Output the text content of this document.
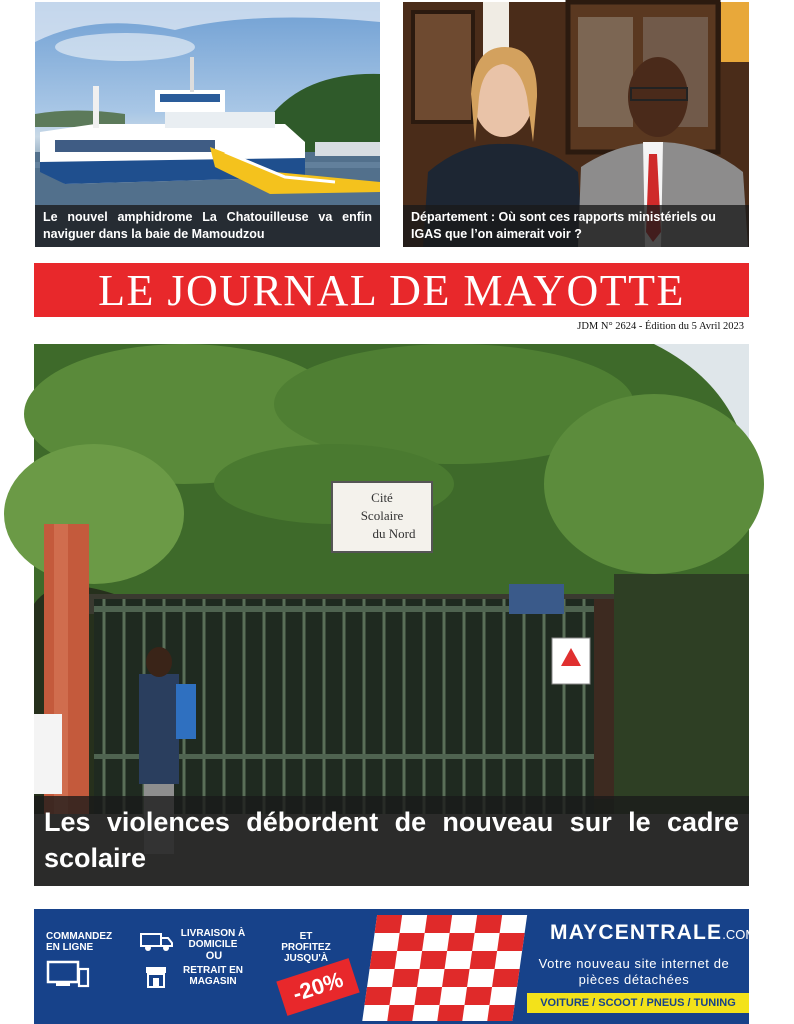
Le nouvel amphidrome La Chatouilleuse va enfin naviguer dans la baie de Mamoudzou
Département : Où sont ces rapports ministériels ou IGAS que l’on aimerait voir ?
LE JOURNAL DE MAYOTTE
JDM N° 2624 - Édition du 5 Avril 2023
Cité
Scolaire
du Nord
Les violences débordent de nouveau sur le cadre scolaire
COMMANDEZ EN LIGNE
LIVRAISON À DOMICILE
OU
RETRAIT EN MAGASIN
ET PROFITEZ JUSQU'À
-20%
MAYCENTRALE.COM
Votre nouveau site internet de pièces détachées
VOITURE / SCOOT / PNEUS / TUNING
